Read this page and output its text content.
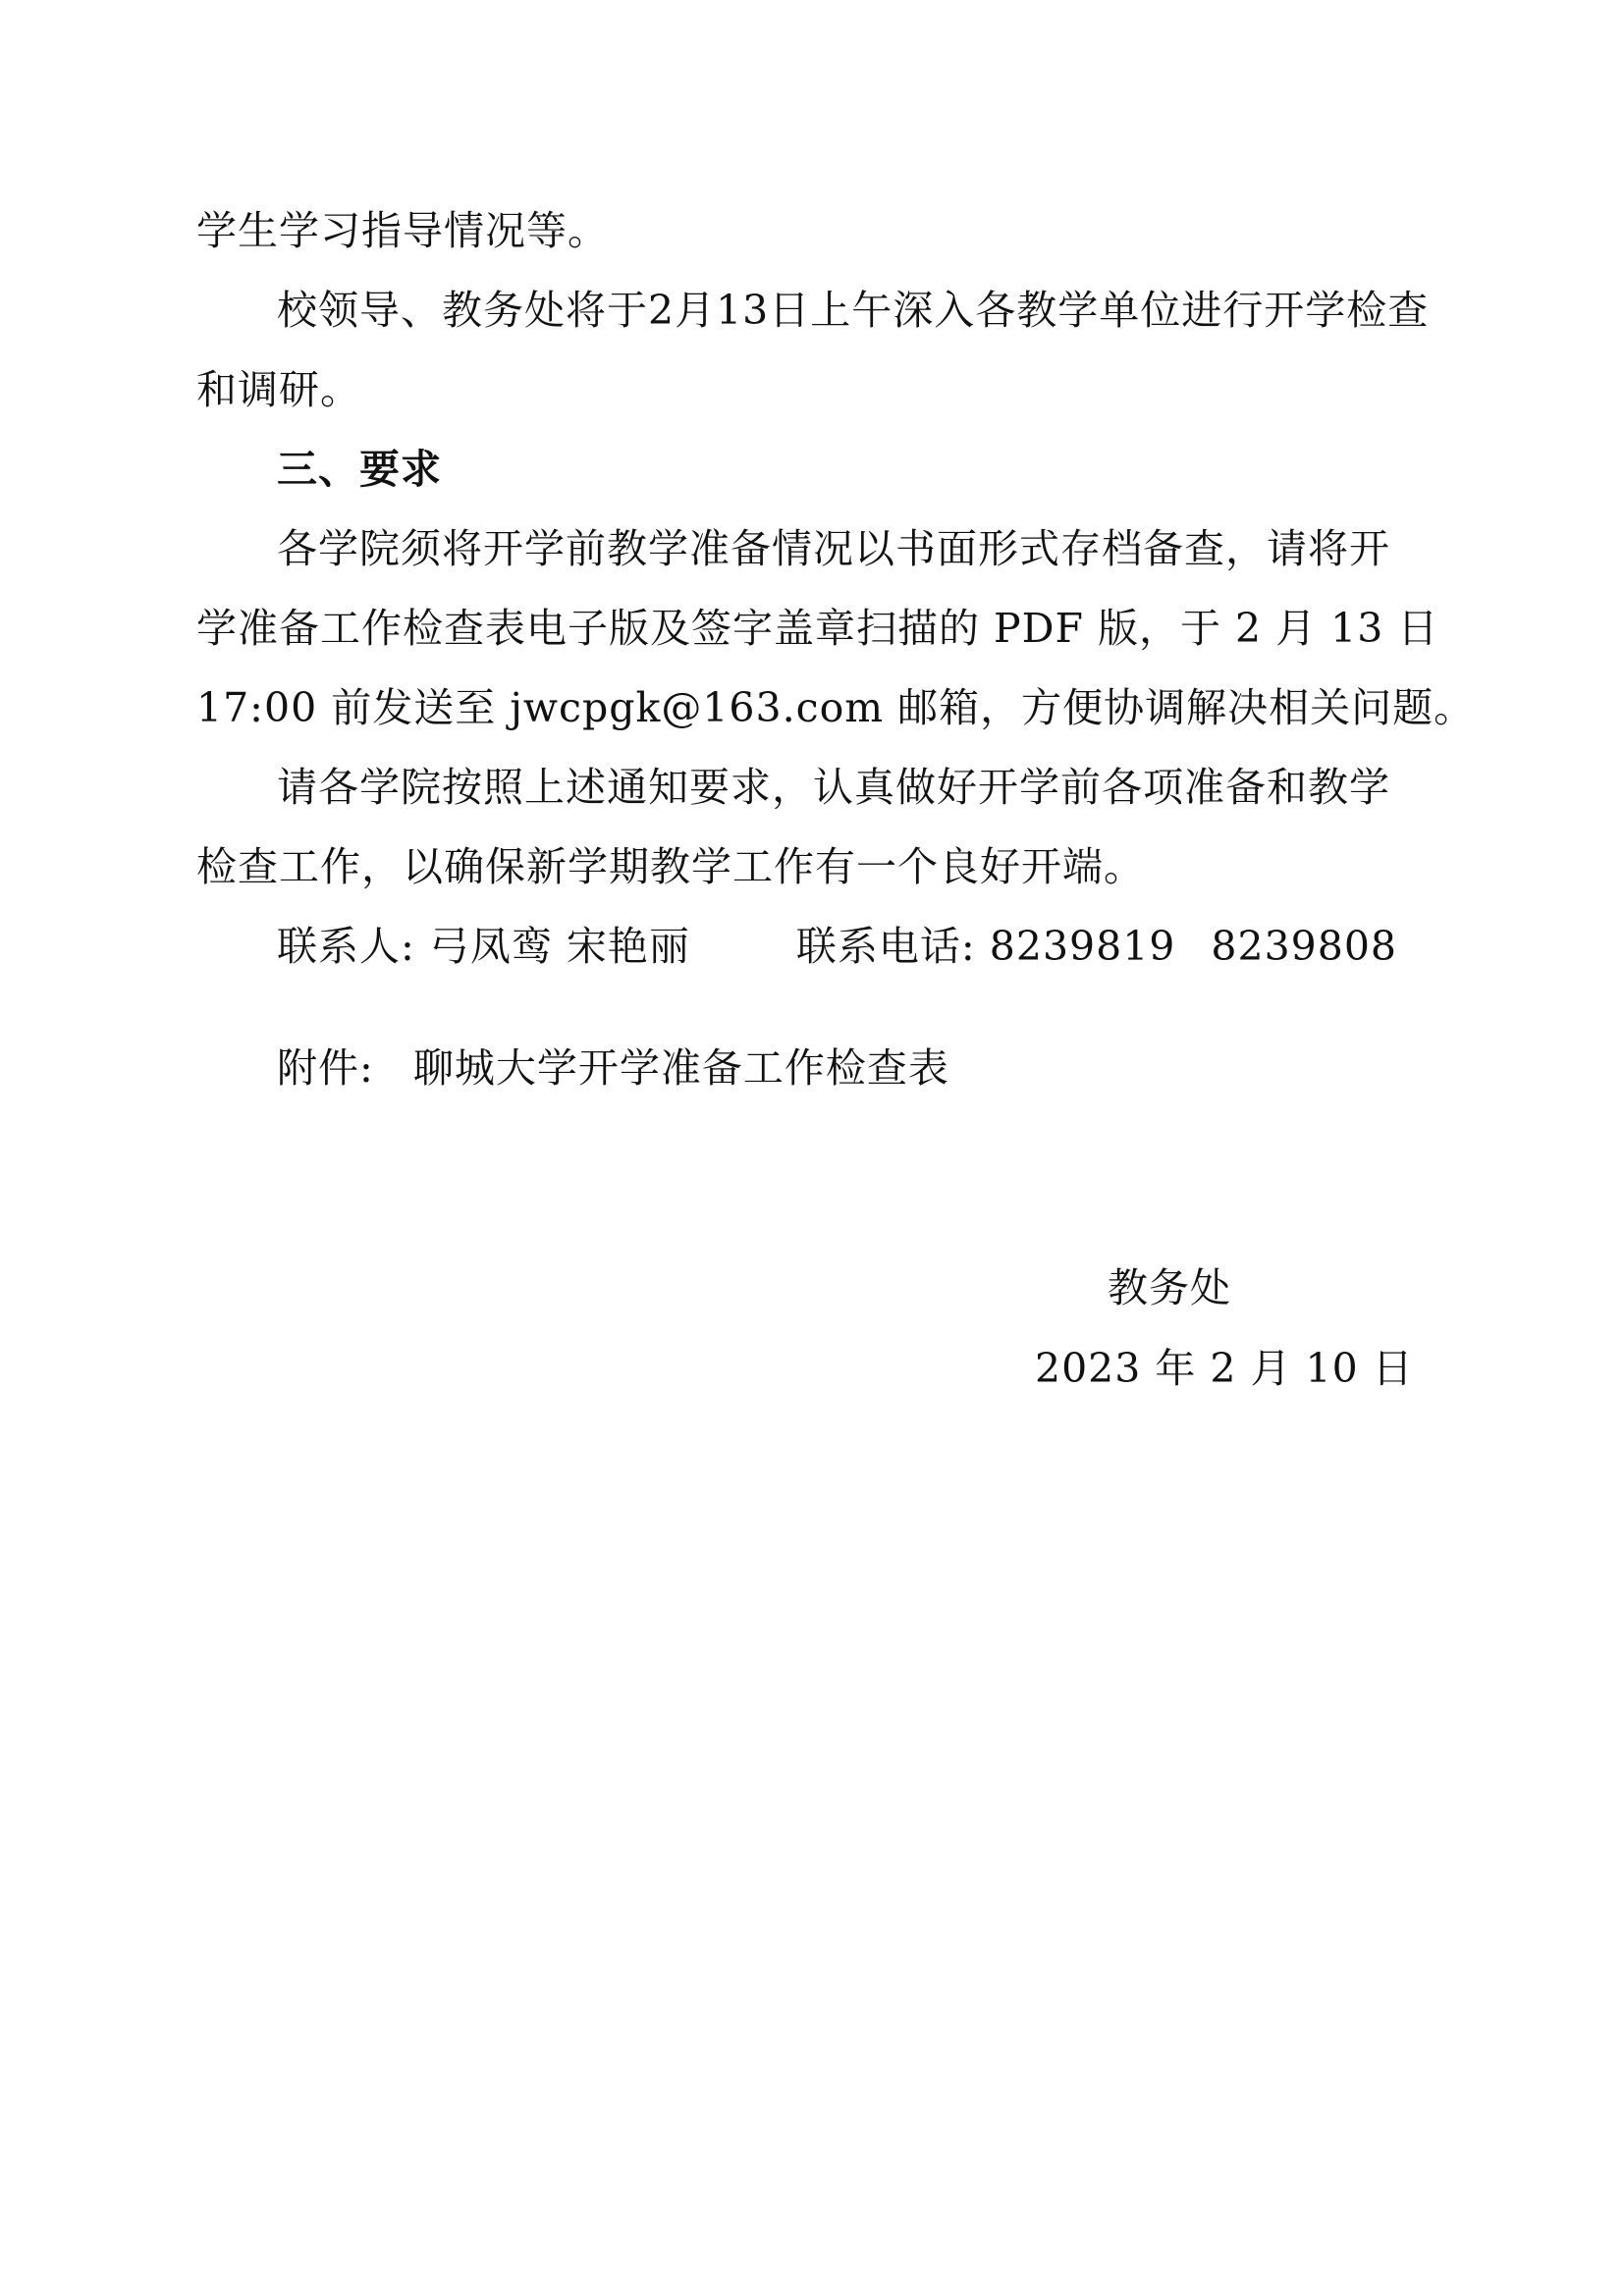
学生学习指导情况等。
校领导、教务处将于2月13日上午深入各教学单位进行开学检查
和调研。
三、要求
各学院须将开学前教学准备情况以书面形式存档备查，请将开
学准备工作检查表电子版及签字盖章扫描的 PDF 版，于 2 月 13 日
17:00 前发送至 jwcpgk@163.com 邮箱，方便协调解决相关问题。
请各学院按照上述通知要求，认真做好开学前各项准备和教学
检查工作，以确保新学期教学工作有一个良好开端。
联系人: 弓凤鸾 宋艳丽	联系电话: 8239819 8239808
附件: 聊城大学开学准备工作检查表
教务处
2023 年 2 月 10 日
